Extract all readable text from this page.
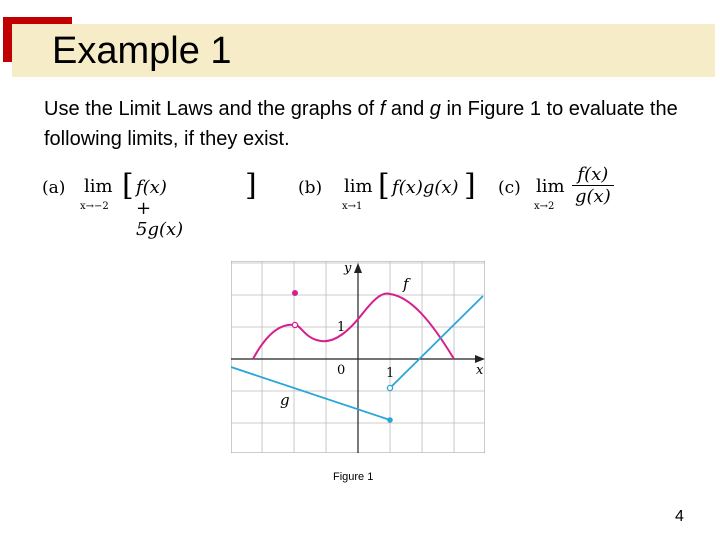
Example 1
Use the Limit Laws and the graphs of f and g in Figure 1 to evaluate the following limits, if they exist.
(a) lim
x→−2
[ f(x) + 5g(x)
] (b) lim
x→1
[ f(x)g(x) ] (c) lim
$x\to 2 \frac{f(x)}{g(x)}$
f
g
y
x
0	1
1
Figure 1
4
